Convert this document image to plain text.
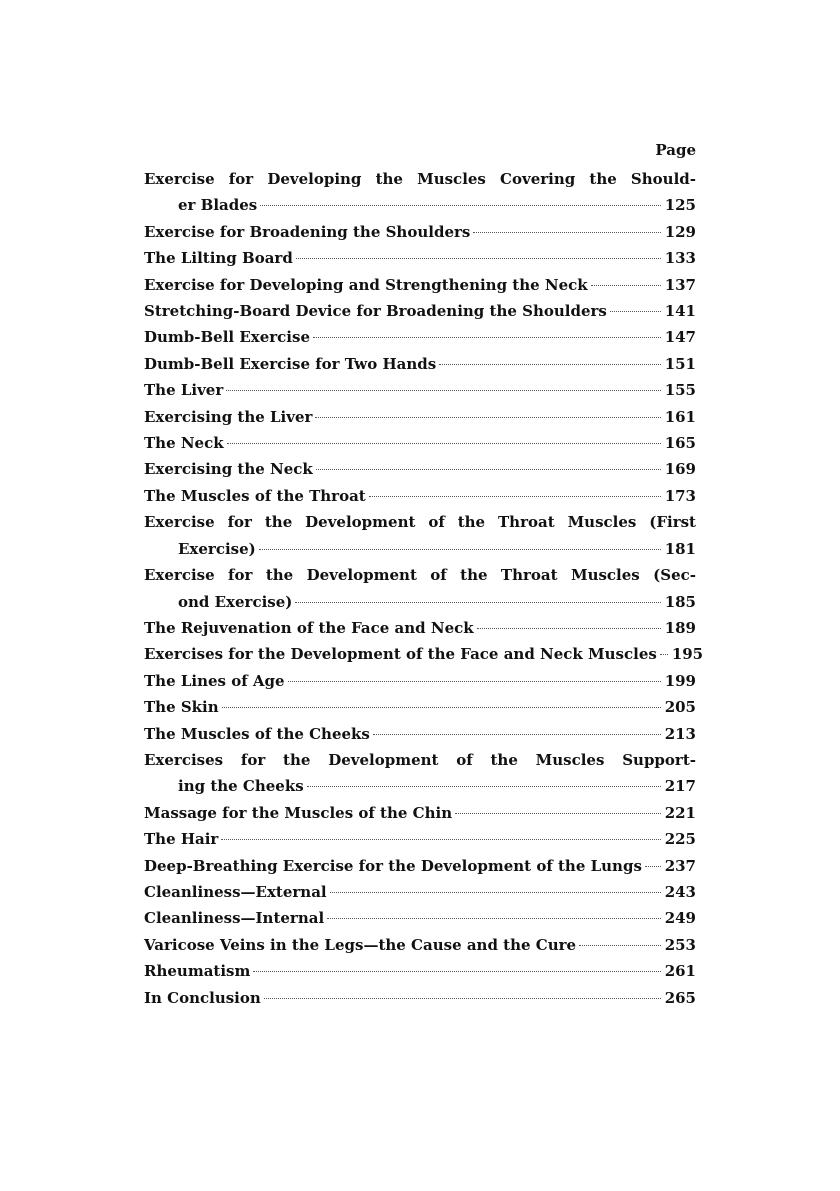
Page
Exercise for Developing the Muscles Covering the Should-
er Blades	125
Exercise for Broadening the Shoulders	129
The Lilting Board	133
Exercise for Developing and Strengthening the Neck	137
Stretching-Board Device for Broadening the Shoulders	141
Dumb-Bell Exercise	147
Dumb-Bell Exercise for Two Hands	151
The Liver	155
Exercising the Liver	161
The Neck	165
Exercising the Neck	169
The Muscles of the Throat	173
Exercise for the Development of the Throat Muscles (First
Exercise)	181
Exercise for the Development of the Throat Muscles (Sec-
ond Exercise)	185
The Rejuvenation of the Face and Neck	189
Exercises for the Development of the Face and Neck Muscles 195
The Lines of Age	199
The Skin	205
The Muscles of the Cheeks	213
Exercises for the Development of the Muscles Support-
ing the Cheeks	217
Massage for the Muscles of the Chin	221
The Hair	225
Deep-Breathing Exercise for the Development of the Lungs 237
Cleanliness—External	243
Cleanliness—Internal	249
Varicose Veins in the Legs—the Cause and the Cure	253
Rheumatism	261
In Conclusion	265
